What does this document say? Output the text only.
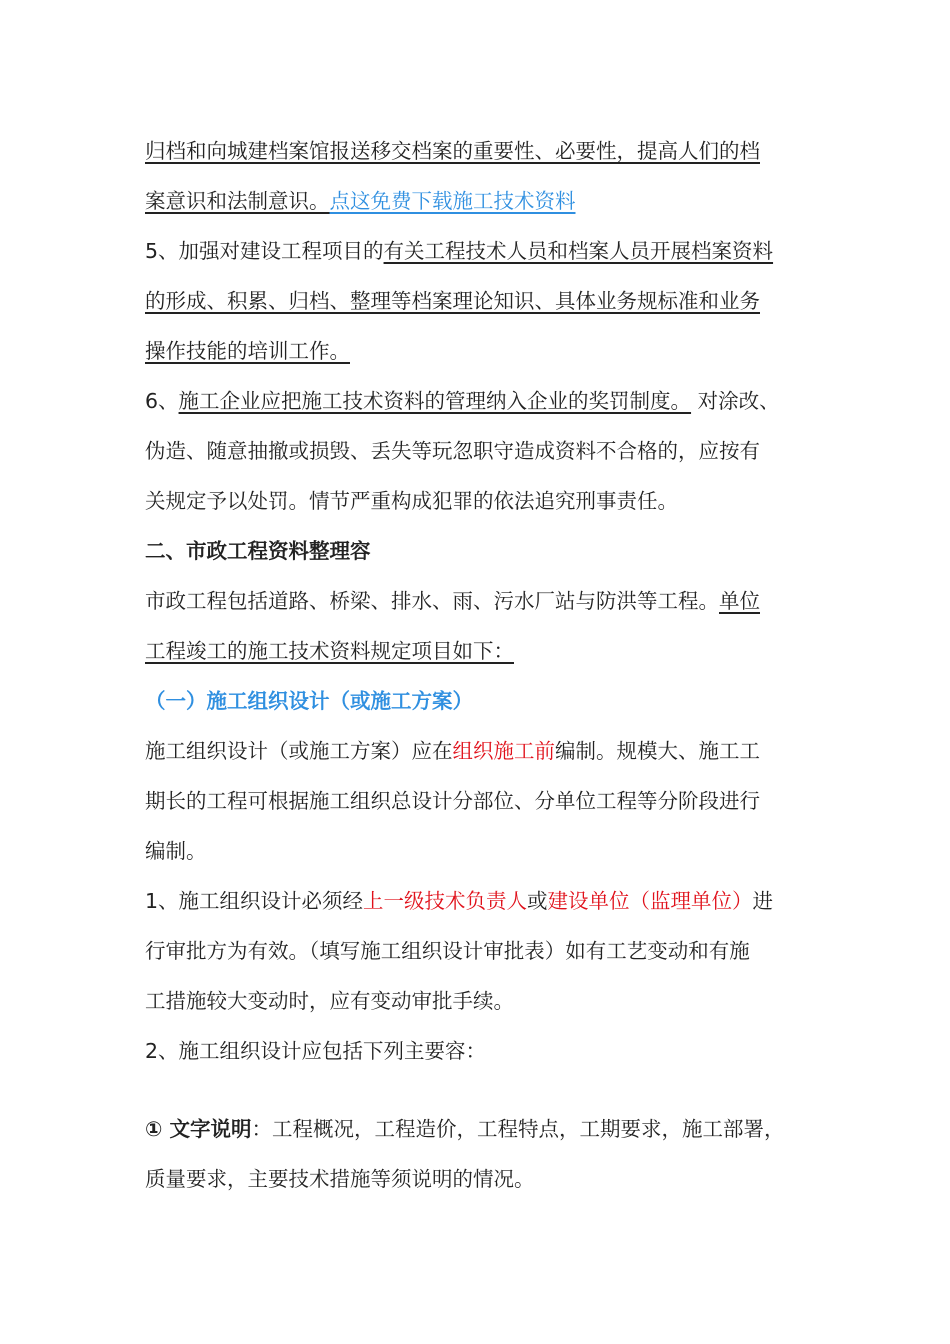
归档和向城建档案馆报送移交档案的重要性、必要性，提高人们的档
案意识和法制意识。点这免费下载施工技术资料
5、加强对建设工程项目的有关工程技术人员和档案人员开展档案资料
的形成、积累、归档、整理等档案理论知识、具体业务规标准和业务
操作技能的培训工作。
6、施工企业应把施工技术资料的管理纳入企业的奖罚制度。 对涂改、
伪造、随意抽撤或损毁、丢失等玩忽职守造成资料不合格的，应按有
关规定予以处罚。情节严重构成犯罪的依法追究刑事责任。
二、市政工程资料整理容
市政工程包括道路、桥梁、排水、雨、污水厂站与防洪等工程。单位
工程竣工的施工技术资料规定项目如下：
（一）施工组织设计（或施工方案）
施工组织设计（或施工方案）应在组织施工前编制。规模大、施工工
期长的工程可根据施工组织总设计分部位、分单位工程等分阶段进行
编制。
1、施工组织设计必须经上一级技术负责人或建设单位（监理单位）进
行审批方为有效。（填写施工组织设计审批表）如有工艺变动和有施
工措施较大变动时，应有变动审批手续。
2、施工组织设计应包括下列主要容：
① 文字说明：工程概况，工程造价，工程特点，工期要求，施工部署，
质量要求，主要技术措施等须说明的情况。
